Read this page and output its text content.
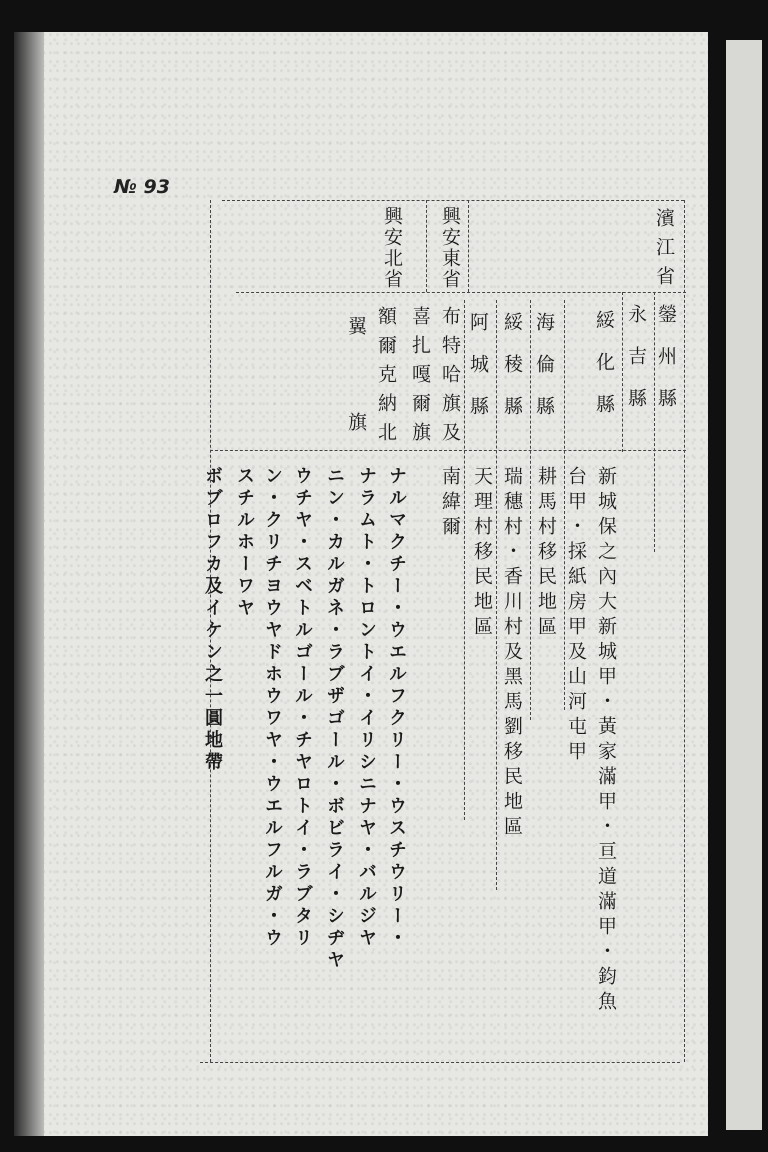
№ 93
濱江省
興安東省
興安北省
鎣州縣
永吉縣
綏化縣
海倫縣
綏稜縣
阿城縣
布特哈旗及
喜扎嘎爾旗
額爾克納北
翼
旗
新城保之內大新城甲・黃家滿甲・亘道滿甲・鈞魚
台甲・採紙房甲及山河屯甲
耕馬村移民地區
瑞穗村・香川村及黑馬劉移民地區
天理村移民地區
南緯爾
ナルマクチー・ウエルフクリー・ウスチウリー・
ナラムト・トロントイ・イリシニナヤ・バルジヤ
ニン・カルガネ・ラブザゴール・ボビライ・シヂヤ
ウチヤ・スベトルゴール・チヤロトイ・ラブタリ
ン・クリチヨウヤドホウワヤ・ウエルフルガ・ウ
スチルホーワヤ
ボブロフカ及イケン之一圓地帶
